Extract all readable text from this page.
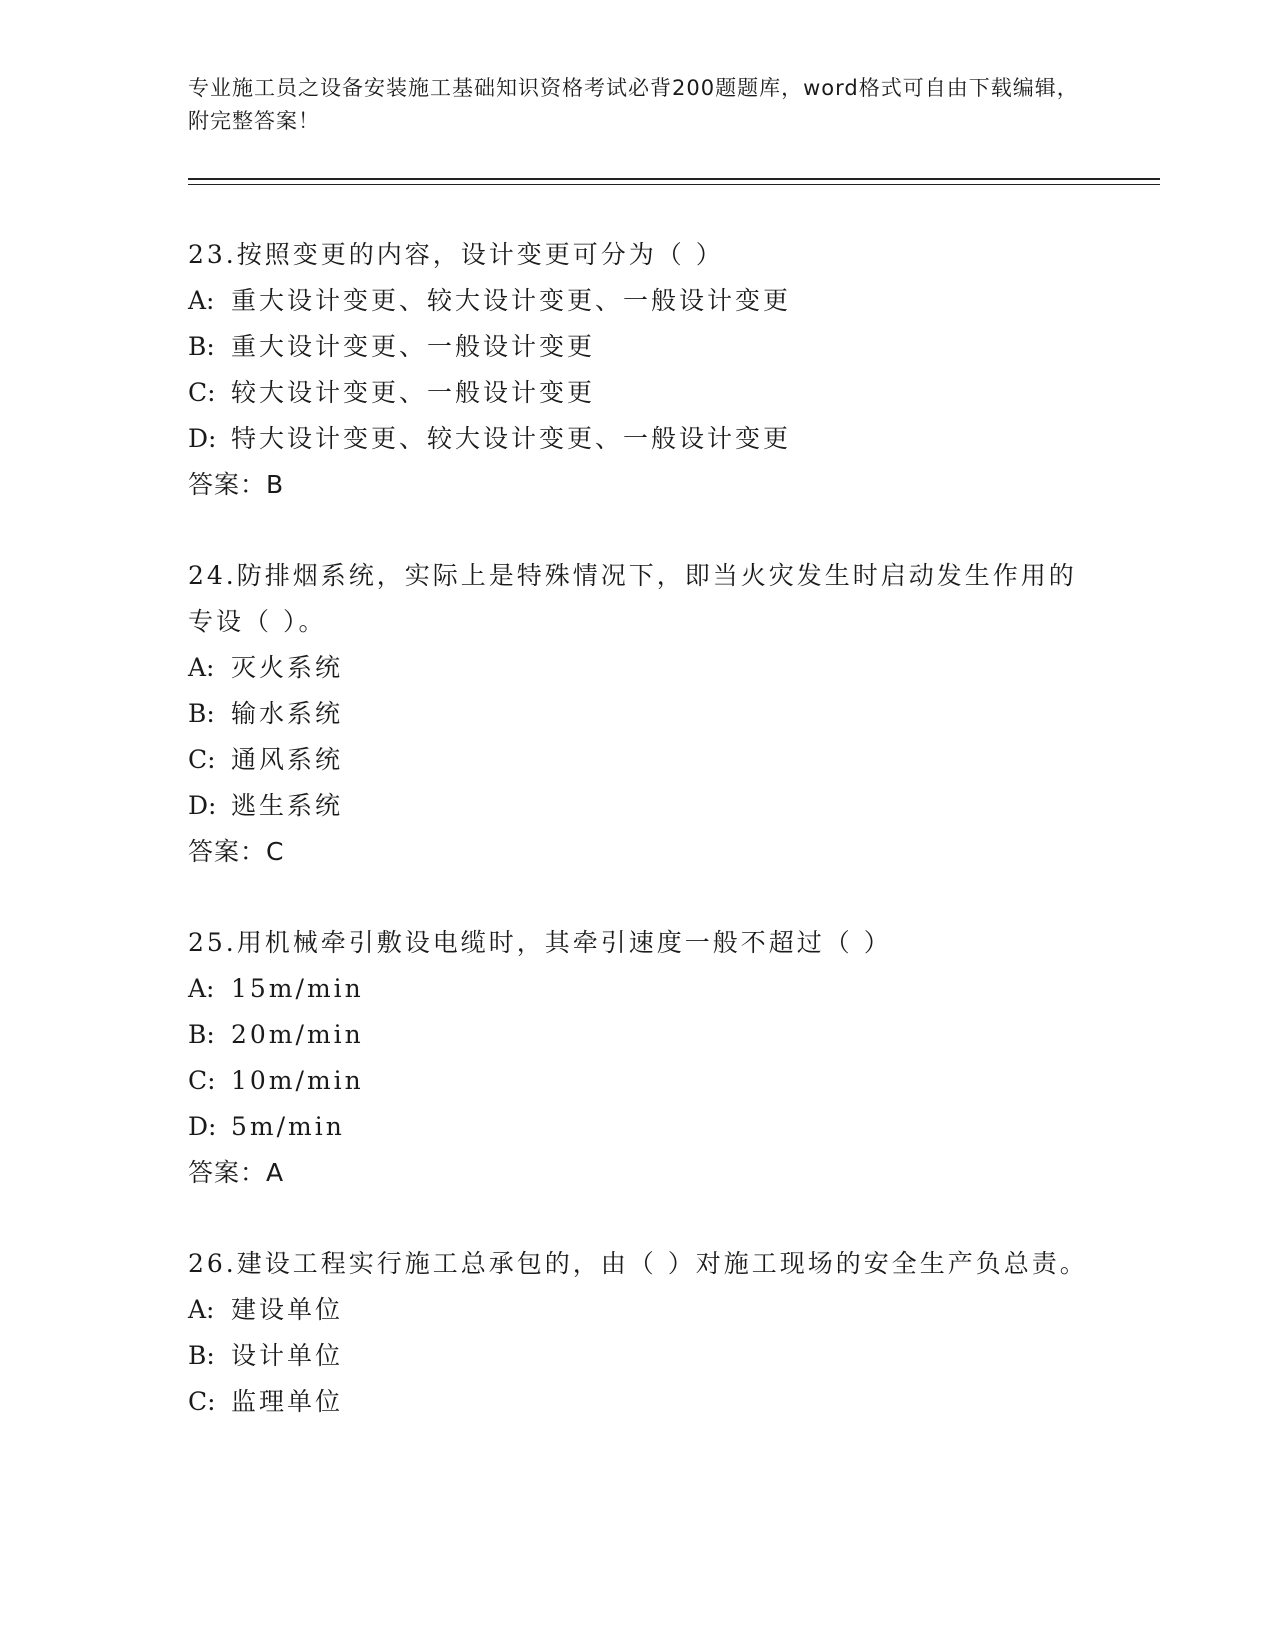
专业施工员之设备安装施工基础知识资格考试必背200题题库，word格式可自由下载编辑，附完整答案！

23.按照变更的内容，设计变更可分为（ ）

A: 重大设计变更、较大设计变更、一般设计变更

B: 重大设计变更、一般设计变更

C: 较大设计变更、一般设计变更

D: 特大设计变更、较大设计变更、一般设计变更

答案：B

24.防排烟系统，实际上是特殊情况下，即当火灾发生时启动发生作用的专设（ ）。

A: 灭火系统

B: 输水系统

C: 通风系统

D: 逃生系统

答案：C

25.用机械牵引敷设电缆时，其牵引速度一般不超过（ ）

A: 15m/min

B: 20m/min

C: 10m/min

D: 5m/min

答案：A

26.建设工程实行施工总承包的，由（ ）对施工现场的安全生产负总责。

A: 建设单位

B: 设计单位

C: 监理单位
